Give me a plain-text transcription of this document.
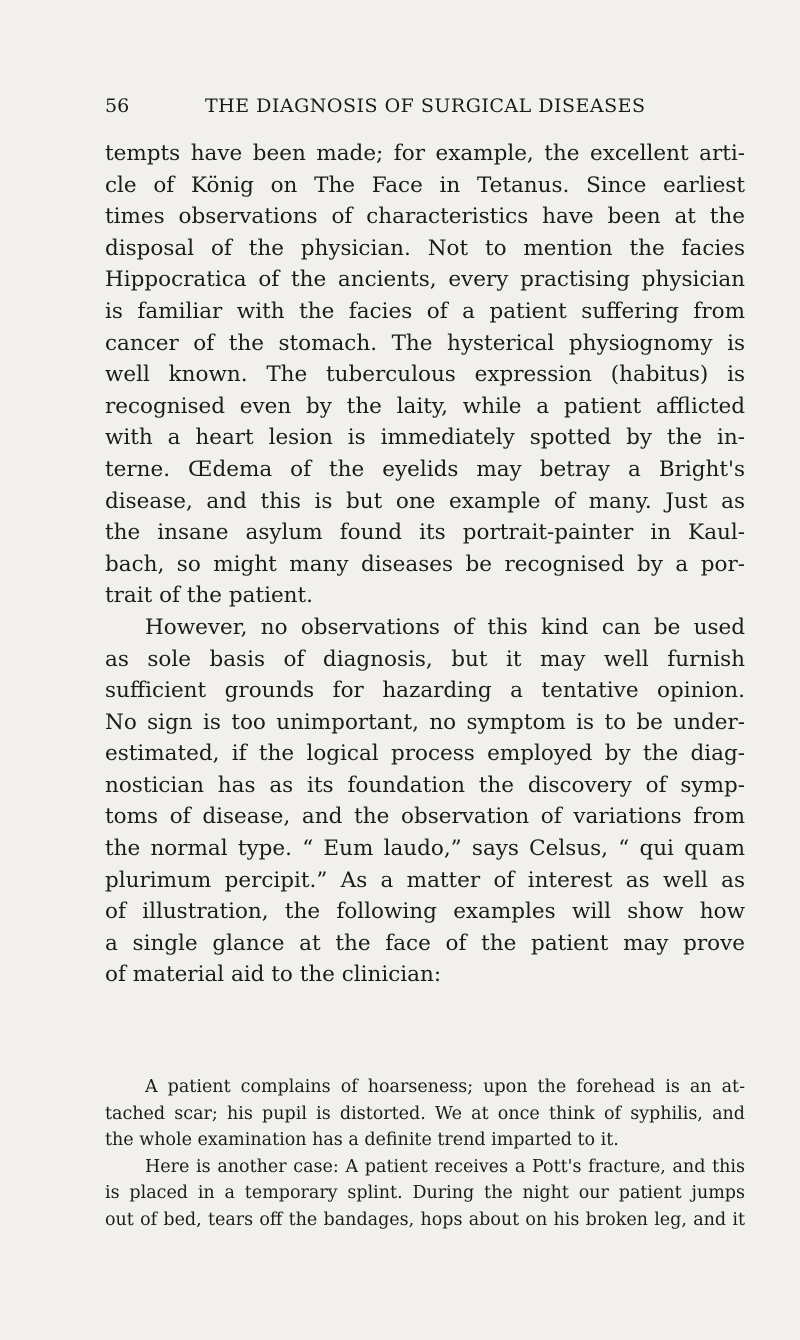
56	THE DIAGNOSIS OF SURGICAL DISEASES
tempts have been made; for example, the excellent arti-
cle of König on The Face in Tetanus. Since earliest
times observations of characteristics have been at the
disposal of the physician. Not to mention the facies
Hippocratica of the ancients, every practising physician
is familiar with the facies of a patient suffering from
cancer of the stomach. The hysterical physiognomy is
well known. The tuberculous expression (habitus) is
recognised even by the laity, while a patient afflicted
with a heart lesion is immediately spotted by the in-
terne. Œdema of the eyelids may betray a Bright's
disease, and this is but one example of many. Just as
the insane asylum found its portrait-painter in Kaul-
bach, so might many diseases be recognised by a por-
trait of the patient.
However, no observations of this kind can be used
as sole basis of diagnosis, but it may well furnish
sufficient grounds for hazarding a tentative opinion.
No sign is too unimportant, no symptom is to be under-
estimated, if the logical process employed by the diag-
nostician has as its foundation the discovery of symp-
toms of disease, and the observation of variations from
the normal type. “ Eum laudo,” says Celsus, “ qui quam
plurimum percipit.” As a matter of interest as well as
of illustration, the following examples will show how
a single glance at the face of the patient may prove
of material aid to the clinician:
A patient complains of hoarseness; upon the forehead is an at-
tached scar; his pupil is distorted. We at once think of syphilis, and
the whole examination has a definite trend imparted to it.
Here is another case: A patient receives a Pott's fracture, and this
is placed in a temporary splint. During the night our patient jumps
out of bed, tears off the bandages, hops about on his broken leg, and it
